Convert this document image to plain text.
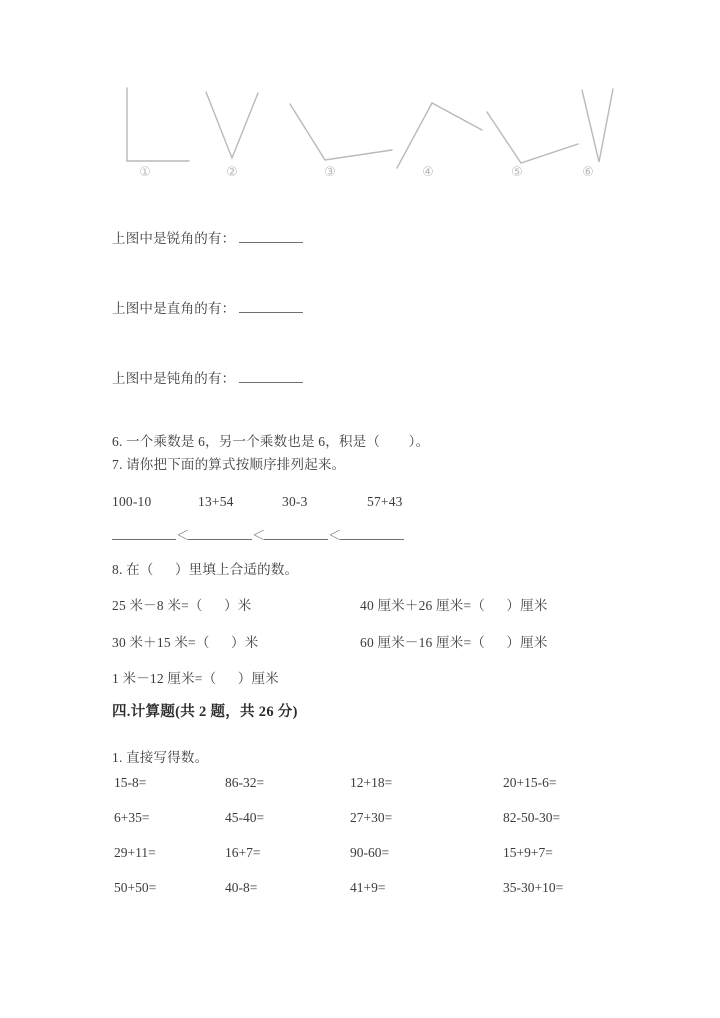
①	②	③	④	⑤	⑥
上图中是锐角的有：
上图中是直角的有：
上图中是钝角的有：
6. 一个乘数是 6，另一个乘数也是 6，积是（        ）。
7. 请你把下面的算式按顺序排列起来。
100-10	13+54	30-3	57+43
＜	＜	＜
8. 在（      ）里填上合适的数。
25 米－8 米=（      ）米	40 厘米＋26 厘米=（      ）厘米
30 米＋15 米=（      ）米	60 厘米－16 厘米=（      ）厘米
1 米－12 厘米=（      ）厘米
四.计算题(共 2 题，共 26 分)
1. 直接写得数。
15-8=	86-32=	12+18=	20+15-6=
6+35=	45-40=	27+30=	82-50-30=
29+11=	16+7=	90-60=	15+9+7=
50+50=	40-8=	41+9=	35-30+10=
